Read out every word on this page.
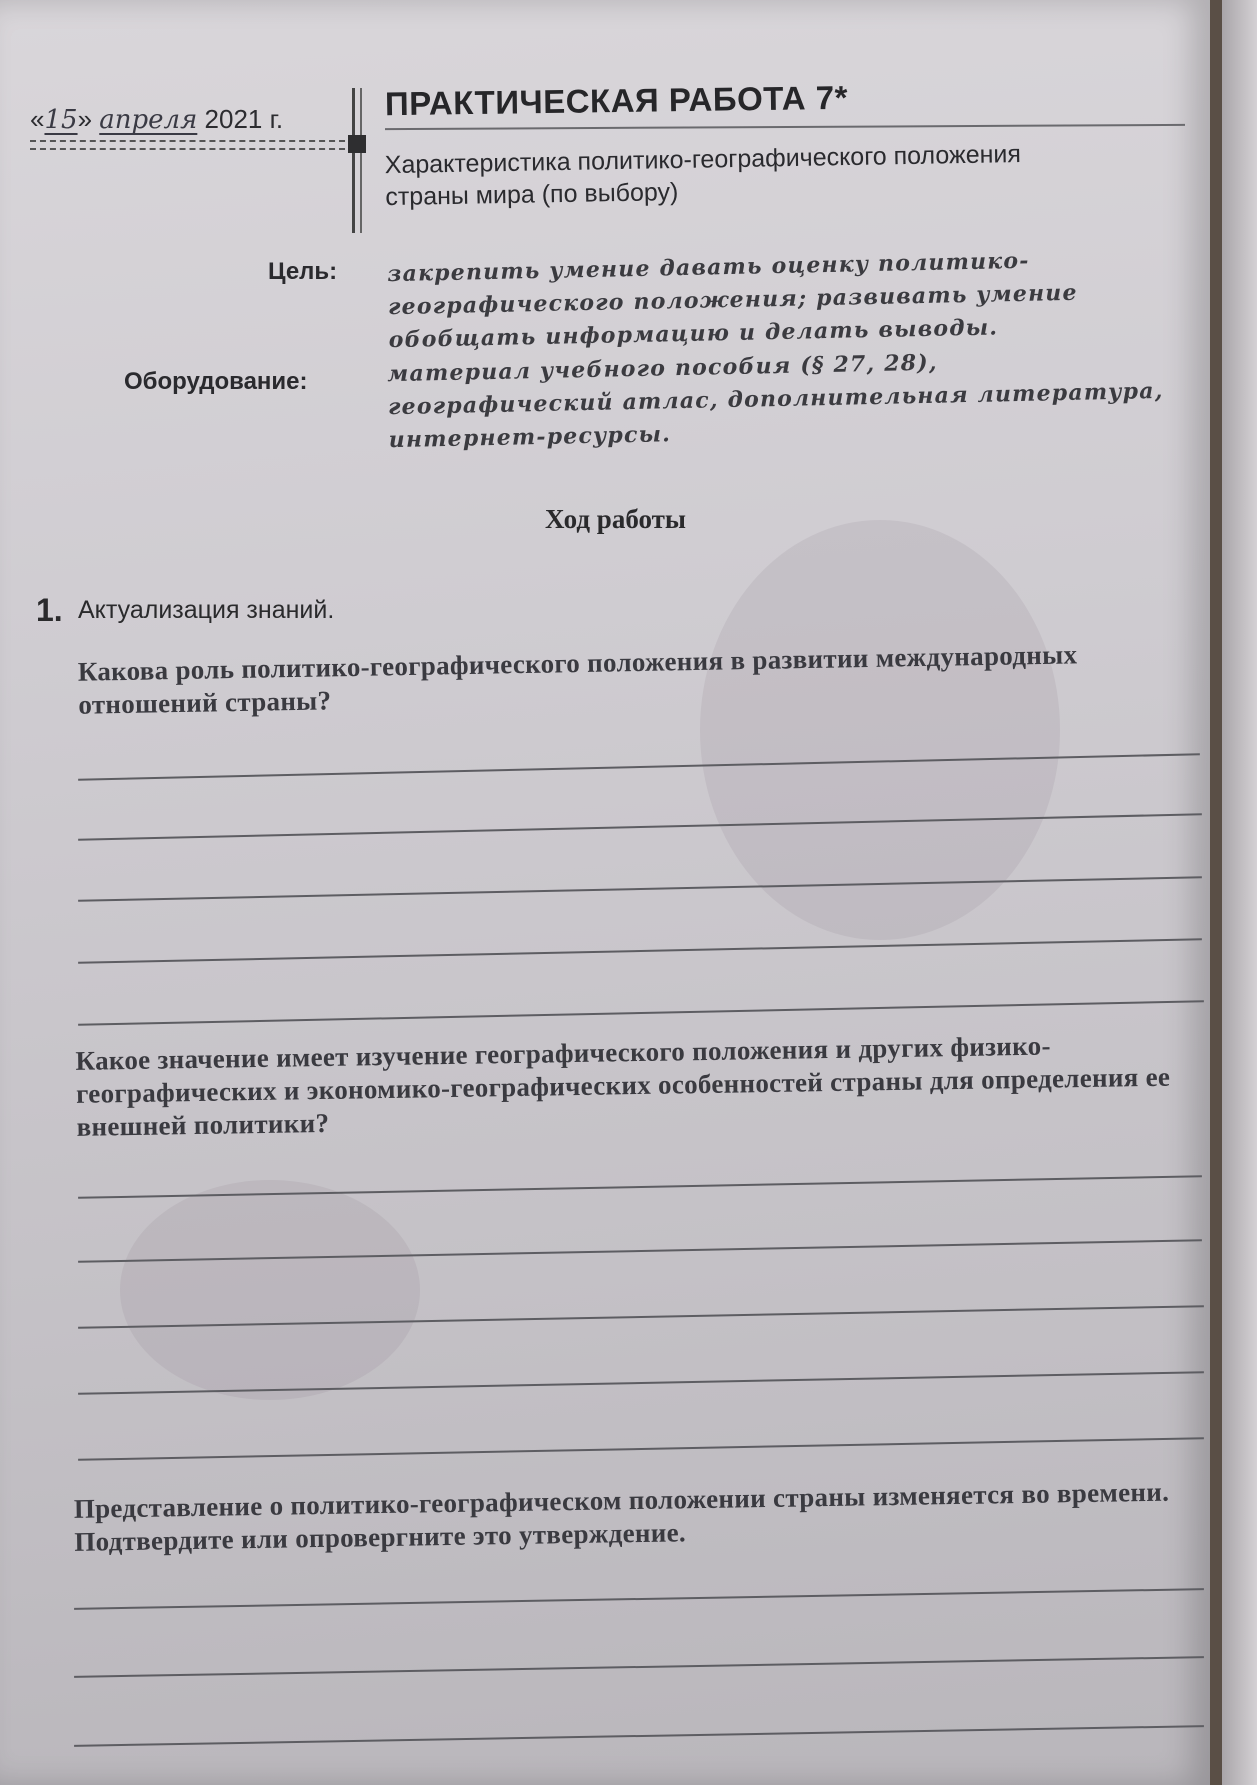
«15» апреля 2021 г.	ПРАКТИЧЕСКАЯ РАБОТА 7*
Характеристика политико-географического положения страны мира (по выбору)
Цель: закрепить умение давать оценку политико-географического положения; развивать умение обобщать информацию и делать выводы.
Оборудование:	материал учебного пособия (§ 27, 28), географический атлас, дополнительная литература, интернет-ресурсы.
Ход работы
1. Актуализация знаний.
Какова роль политико-географического положения в развитии международных отношений страны?
Какое значение имеет изучение географического положения и других физико-географических и экономико-географических особенностей страны для определения ее внешней политики?
Представление о политико-географическом положении страны изменяется во времени. Подтвердите или опровергните это утверждение.
